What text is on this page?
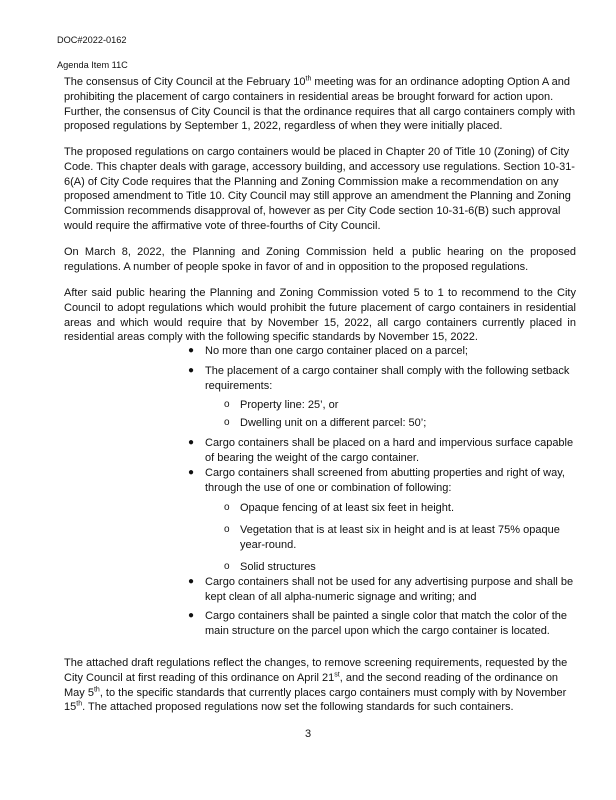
DOC#2022-0162
Agenda Item 11C
The consensus of City Council at the February 10th meeting was for an ordinance adopting Option A and prohibiting the placement of cargo containers in residential areas be brought forward for action upon. Further, the consensus of City Council is that the ordinance requires that all cargo containers comply with proposed regulations by September 1, 2022, regardless of when they were initially placed.
The proposed regulations on cargo containers would be placed in Chapter 20 of Title 10 (Zoning) of City Code. This chapter deals with garage, accessory building, and accessory use regulations. Section 10-31-6(A) of City Code requires that the Planning and Zoning Commission make a recommendation on any proposed amendment to Title 10. City Council may still approve an amendment the Planning and Zoning Commission recommends disapproval of, however as per City Code section 10-31-6(B) such approval would require the affirmative vote of three-fourths of City Council.
On March 8, 2022, the Planning and Zoning Commission held a public hearing on the proposed regulations. A number of people spoke in favor of and in opposition to the proposed regulations.
After said public hearing the Planning and Zoning Commission voted 5 to 1 to recommend to the City Council to adopt regulations which would prohibit the future placement of cargo containers in residential areas and which would require that by November 15, 2022, all cargo containers currently placed in residential areas comply with the following specific standards by November 15, 2022.
● No more than one cargo container placed on a parcel;
● The placement of a cargo container shall comply with the following setback requirements:
o Property line: 25’, or
o Dwelling unit on a different parcel: 50’;
● Cargo containers shall be placed on a hard and impervious surface capable of bearing the weight of the cargo container.
● Cargo containers shall screened from abutting properties and right of way, through the use of one or combination of following:
o Opaque fencing of at least six feet in height.
o Vegetation that is at least six in height and is at least 75% opaque year-round.
o Solid structures
● Cargo containers shall not be used for any advertising purpose and shall be kept clean of all alpha-numeric signage and writing; and
● Cargo containers shall be painted a single color that match the color of the main structure on the parcel upon which the cargo container is located.
The attached draft regulations reflect the changes, to remove screening requirements, requested by the City Council at first reading of this ordinance on April 21st, and the second reading of the ordinance on May 5th, to the specific standards that currently places cargo containers must comply with by November 15th. The attached proposed regulations now set the following standards for such containers.
3
